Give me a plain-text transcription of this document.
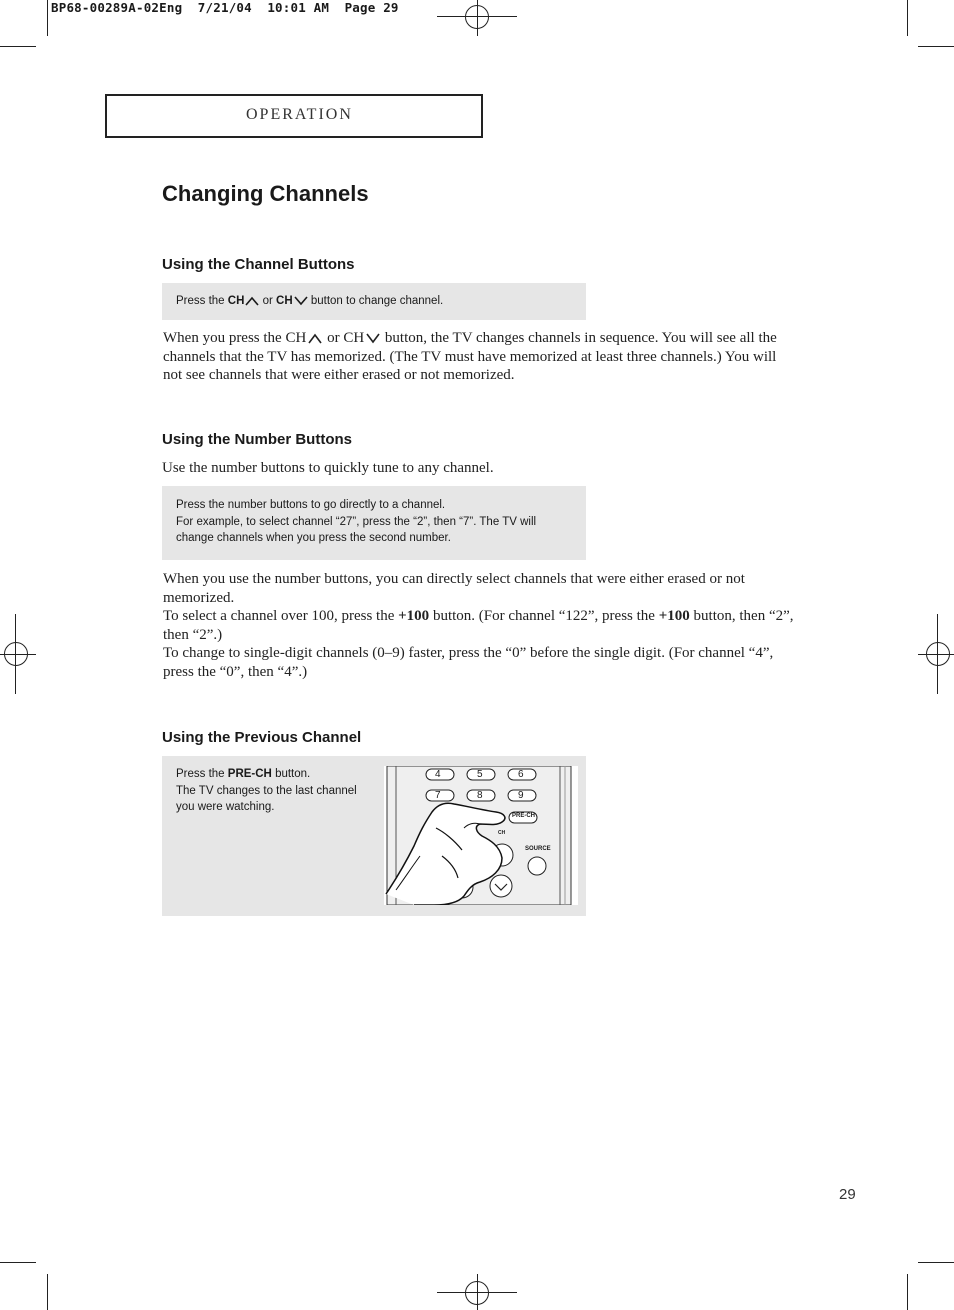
BP68-00289A-02Eng  7/21/04  10:01 AM  Page 29
OPERATION
Changing Channels
Using the Channel Buttons
Press the CH or CH button to change channel.
When you press the CH or CH button, the TV changes channels in sequence. You will see all the channels that the TV has memorized. (The TV must have memorized at least three channels.) You will not see channels that were either erased or not memorized.
Using the Number Buttons
Use the number buttons to quickly tune to any channel.
Press the number buttons to go directly to a channel.
For example, to select channel “27”, press the “2”, then “7”. The TV will change channels when you press the second number.
When you use the number buttons, you can directly select channels that were either erased or not memorized.
To select a channel over 100, press the +100 button. (For channel “122”, press the +100 button, then “2”, then “2”.)
To change to single-digit channels (0–9) faster, press the “0” before the single digit. (For channel “4”, press the “0”, then “4”.)
Using the Previous Channel
Press the PRE-CH button.
The TV changes to the last channel you were watching.
4	5	6
7	8	9
PRE-CH
CH
SOURCE
29
